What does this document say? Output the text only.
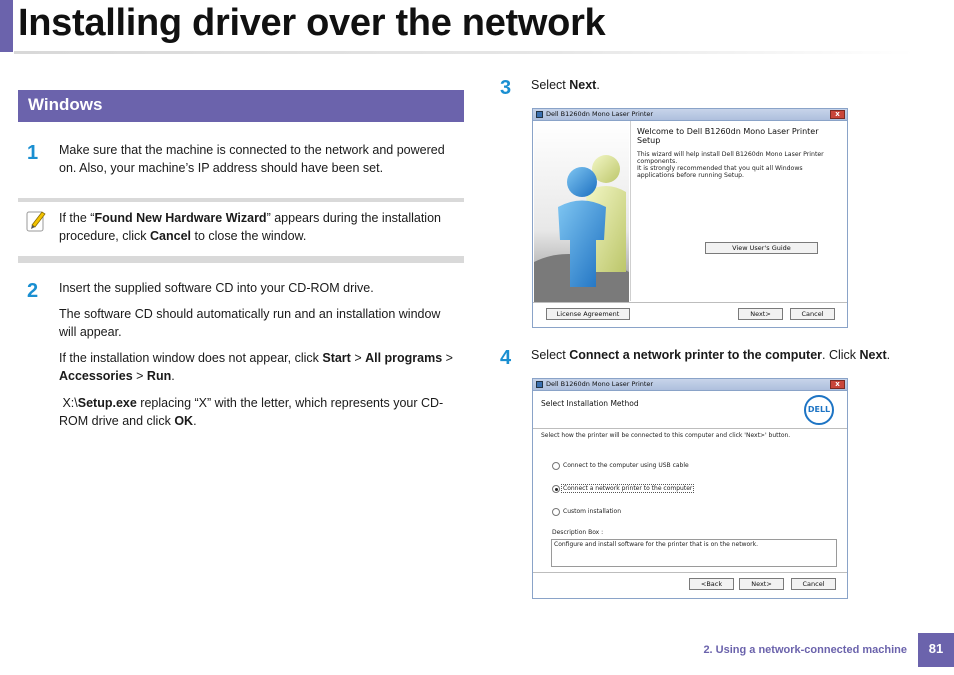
Installing driver over the network
Windows
1 Make sure that the machine is connected to the network and powered
on. Also, your machine’s IP address should have been set.
If the “Found New Hardware Wizard” appears during the installation
procedure, click Cancel to close the window.
2 Insert the supplied software CD into your CD-ROM drive.
The software CD should automatically run and an installation window
will appear.
If the installation window does not appear, click Start > All programs >
Accessories > Run.
X:\Setup.exe replacing “X” with the letter, which represents your CD-
ROM drive and click OK.
3 Select Next.
Dell B1260dn Mono Laser Printer	x
Welcome to Dell B1260dn Mono Laser Printer
Setup
This wizard will help install Dell B1260dn Mono Laser Printer
components.
It is strongly recommended that you quit all Windows
applications before running Setup.
View User's Guide
License Agreement	Next>	Cancel
4 Select Connect a network printer to the computer. Click Next.
Dell B1260dn Mono Laser Printer	x
Select Installation Method
DELL
Select how the printer will be connected to this computer and click 'Next>' button.
Connect to the computer using USB cable
Connect a network printer to the computer
Custom installation
Description Box :
Configure and install software for the printer that is on the network.
<Back	Next>	Cancel
2. Using a network-connected machine	81
